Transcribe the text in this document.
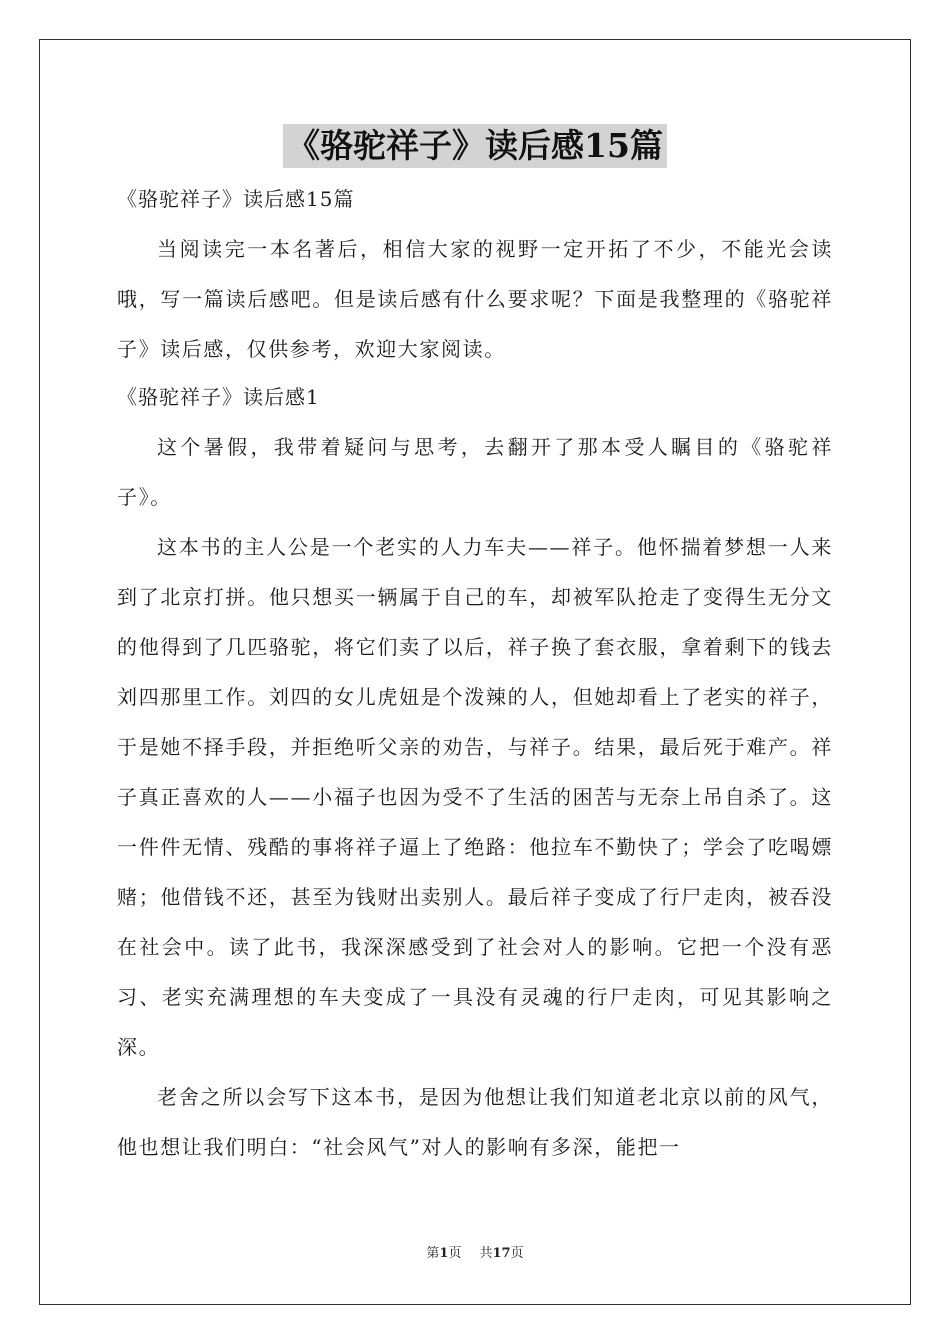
《骆驼祥子》读后感15篇
《骆驼祥子》读后感15篇

当阅读完一本名著后，相信大家的视野一定开拓了不少，不能光会读哦，写一篇读后感吧。但是读后感有什么要求呢？下面是我整理的《骆驼祥子》读后感，仅供参考，欢迎大家阅读。

《骆驼祥子》读后感1

这个暑假，我带着疑问与思考，去翻开了那本受人瞩目的《骆驼祥子》。

这本书的主人公是一个老实的人力车夫——祥子。他怀揣着梦想一人来到了北京打拼。他只想买一辆属于自己的车，却被军队抢走了变得生无分文的他得到了几匹骆驼，将它们卖了以后，祥子换了套衣服，拿着剩下的钱去刘四那里工作。刘四的女儿虎妞是个泼辣的人，但她却看上了老实的祥子，于是她不择手段，并拒绝听父亲的劝告，与祥子。结果，最后死于难产。祥子真正喜欢的人——小福子也因为受不了生活的困苦与无奈上吊自杀了。这一件件无情、残酷的事将祥子逼上了绝路：他拉车不勤快了；学会了吃喝嫖赌；他借钱不还，甚至为钱财出卖别人。最后祥子变成了行尸走肉，被吞没在社会中。读了此书，我深深感受到了社会对人的影响。它把一个没有恶习、老实充满理想的车夫变成了一具没有灵魂的行尸走肉，可见其影响之深。

老舍之所以会写下这本书，是因为他想让我们知道老北京以前的风气，他也想让我们明白：“社会风气”对人的影响有多深，能把一

第1页 共17页
